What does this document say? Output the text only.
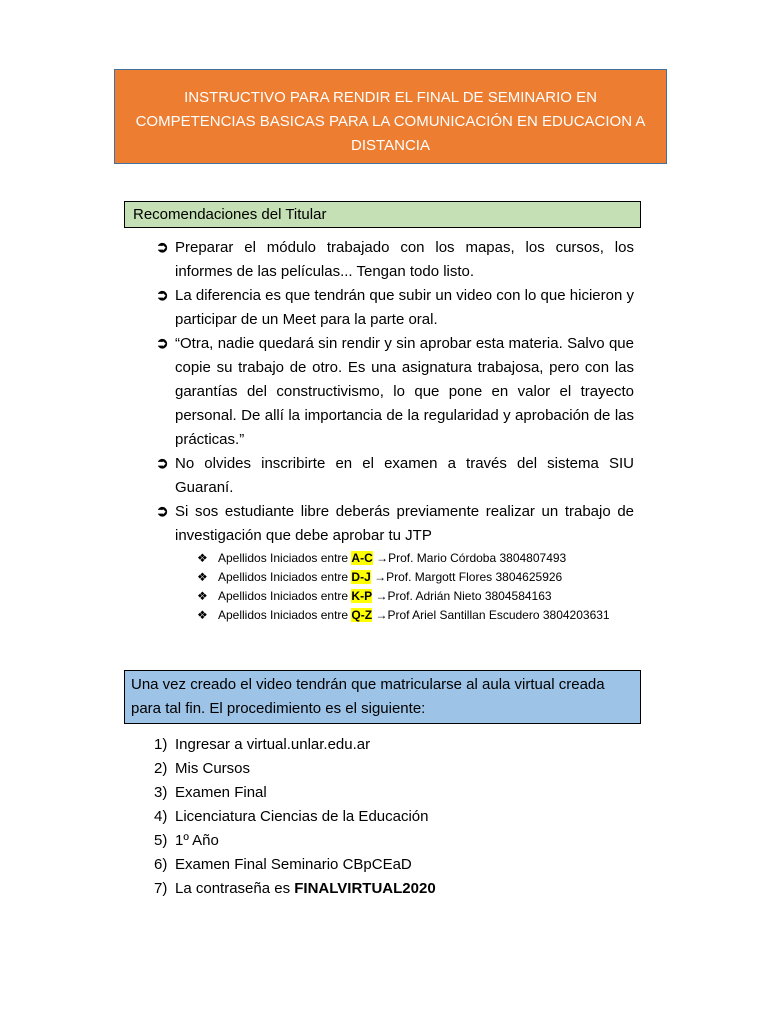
INSTRUCTIVO PARA RENDIR EL FINAL DE SEMINARIO EN
COMPETENCIAS BASICAS PARA LA COMUNICACIÓN EN EDUCACION A
DISTANCIA
Recomendaciones del Titular
➲ Preparar el módulo trabajado con los mapas, los cursos, los informes de las películas... Tengan todo listo.
➲ La diferencia es que tendrán que subir un video con lo que hicieron y participar de un Meet para la parte oral.
➲ “Otra, nadie quedará sin rendir y sin aprobar esta materia. Salvo que copie su trabajo de otro. Es una asignatura trabajosa, pero con las garantías del constructivismo, lo que pone en valor el trayecto personal. De allí la importancia de la regularidad y aprobación de las prácticas.”
➲ No olvides inscribirte en el examen a través del sistema SIU Guaraní.
➲ Si sos estudiante libre deberás previamente realizar un trabajo de investigación que debe aprobar tu JTP
❖ Apellidos Iniciados entre A-C →Prof. Mario Córdoba 3804807493
❖ Apellidos Iniciados entre D-J →Prof. Margott Flores 3804625926
❖ Apellidos Iniciados entre K-P →Prof. Adrián Nieto 3804584163
❖ Apellidos Iniciados entre Q-Z →Prof Ariel Santillan Escudero 3804203631
Una vez creado el video tendrán que matricularse al aula virtual creada para tal fin. El procedimiento es el siguiente:
1) Ingresar a virtual.unlar.edu.ar
2) Mis Cursos
3) Examen Final
4) Licenciatura Ciencias de la Educación
5) 1º Año
6) Examen Final Seminario CBpCEaD
7) La contraseña es FINALVIRTUAL2020
